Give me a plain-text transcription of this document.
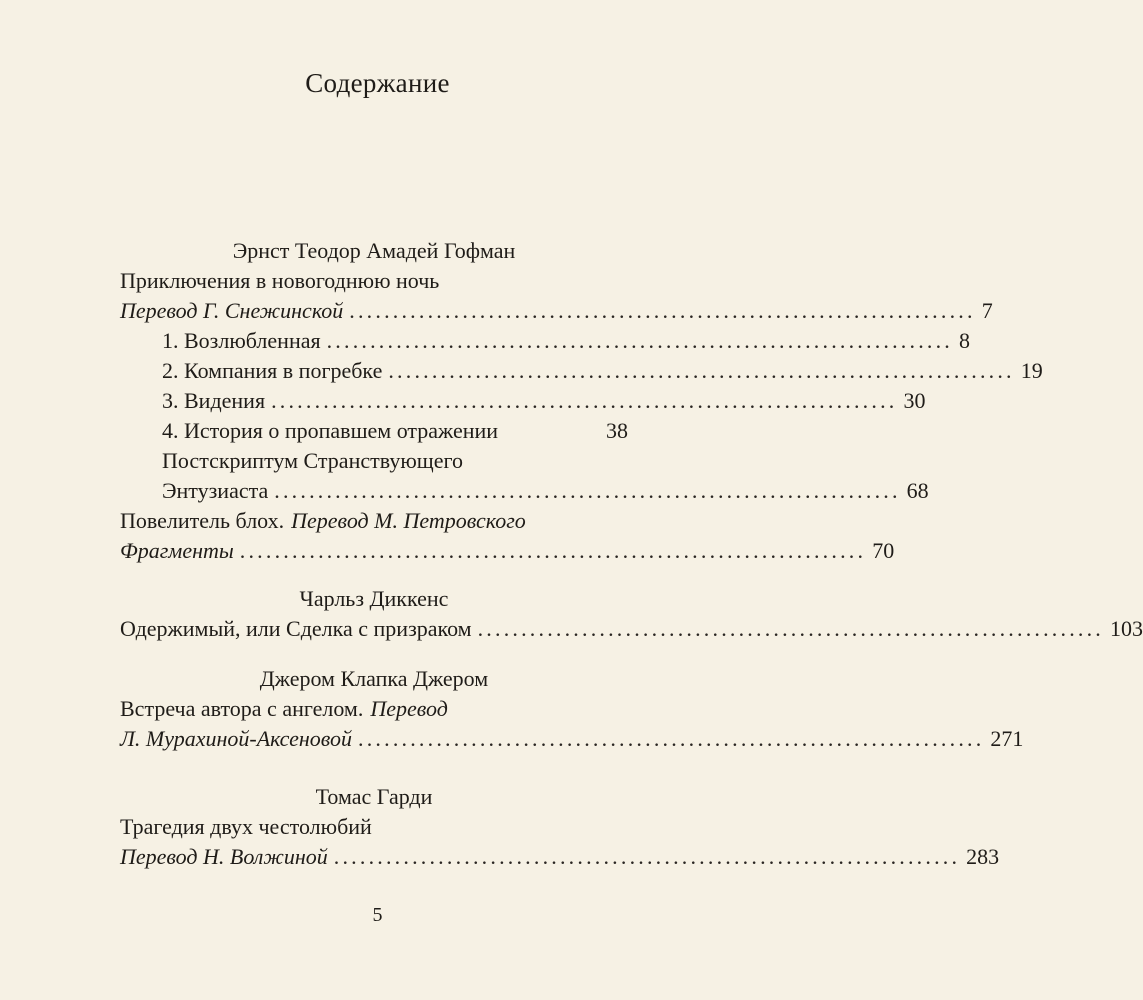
Содержание
Эрнст Теодор Амадей Гофман
Приключения в новогоднюю ночь
Перевод Г. Снежинской ........................................................................ 7
1. Возлюбленная ........................................................................ 8
2. Компания в погребке ........................................................................ 19
3. Видения ........................................................................ 30
4. История о пропавшем отражении	38
Постскриптум Странствующего
Энтузиаста ........................................................................ 68
Повелитель блох. Перевод М. Петровского
Фрагменты ........................................................................ 70
Чарльз Диккенс
Одержимый, или Сделка с призраком ........................................................................ 103
Джером Клапка Джером
Встреча автора с ангелом. Перевод
Л. Мурахиной-Аксеновой ........................................................................ 271
Томас Гарди
Трагедия двух честолюбий
Перевод Н. Волжиной ........................................................................ 283
5
